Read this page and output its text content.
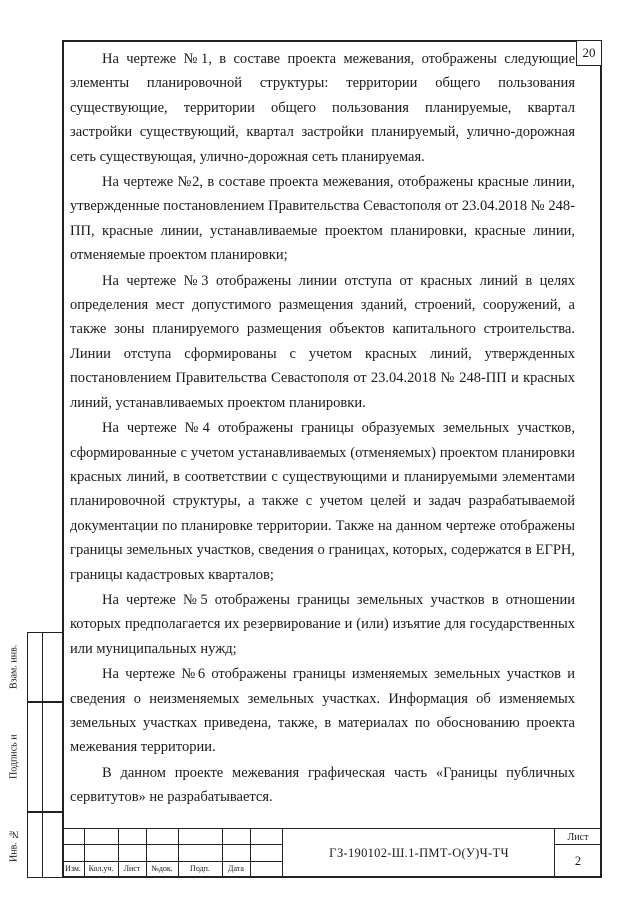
Взам. инв.
Подпись и
Инв. №
20

На чертеже №1, в составе проекта межевания, отображены следующие элементы планировочной структуры: территории общего пользования существующие, территории общего пользования планируемые, квартал застройки существующий, квартал застройки планируемый, улично-дорожная сеть существующая, улично-дорожная сеть планируемая.

На чертеже №2, в составе проекта межевания, отображены красные линии, утвержденные постановлением Правительства Севастополя от 23.04.2018 № 248-ПП, красные линии, устанавливаемые проектом планировки, красные линии, отменяемые проектом планировки;

На чертеже №3 отображены линии отступа от красных линий в целях определения мест допустимого размещения зданий, строений, сооружений, а также зоны планируемого размещения объектов капитального строительства. Линии отступа сформированы с учетом красных линий, утвержденных постановлением Правительства Севастополя от 23.04.2018 № 248-ПП и красных линий, устанавливаемых проектом планировки.

На чертеже №4 отображены границы образуемых земельных участков, сформированные с учетом устанавливаемых (отменяемых) проектом планировки красных линий, в соответствии с существующими и планируемыми элементами планировочной структуры, а также с учетом целей и задач разрабатываемой документации по планировке территории. Также на данном чертеже отображены границы земельных участков, сведения о границах, которых, содержатся в ЕГРН, границы кадастровых кварталов;

На чертеже №5 отображены границы земельных участков в отношении которых предполагается их резервирование и (или) изъятие для государственных или муниципальных нужд;

На чертеже №6 отображены границы изменяемых земельных участков и сведения о неизменяемых земельных участках. Информация об изменяемых земельных участках приведена, также, в материалах по обоснованию проекта межевания территории.

В данном проекте межевания графическая часть «Границы публичных сервитутов» не разрабатывается.

Изм. Кол.уч.	Лист	№док.	Подп.	Дата
ГЗ-190102-Ш.1-ПМТ-О(У)Ч-ТЧ
Лист
2
